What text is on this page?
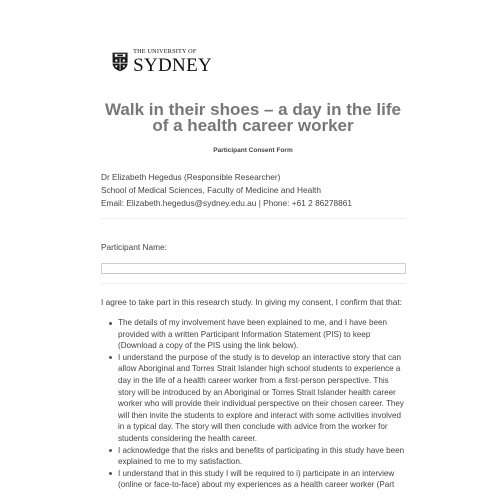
THE UNIVERSITY OF
SYDNEY
Walk in their shoes – a day in the life of a health career worker
Participant Consent Form
Dr Elizabeth Hegedus (Responsible Researcher)
School of Medical Sciences, Faculty of Medicine and Health
Email: Elizabeth.hegedus@sydney.edu.au | Phone: +61 2 86278861
Participant Name:
I agree to take part in this research study. In giving my consent, I confirm that that:
The details of my involvement have been explained to me, and I have been provided with a written Participant Information Statement (PIS) to keep (Download a copy of the PIS using the link below).
I understand the purpose of the study is to develop an interactive story that can allow Aboriginal and Torres Strait Islander high school students to experience a day in the life of a health career worker from a first-person perspective. This story will be introduced by an Aboriginal or Torres Strait Islander health career worker who will provide their individual perspective on their chosen career. They will then invite the students to explore and interact with some activities involved in a typical day. The story will then conclude with advice from the worker for students considering the health career.
I acknowledge that the risks and benefits of participating in this study have been explained to me to my satisfaction.
I understand that in this study I will be required to i) participate in an interview (online or face-to-face) about my experiences as a health career worker (Part
